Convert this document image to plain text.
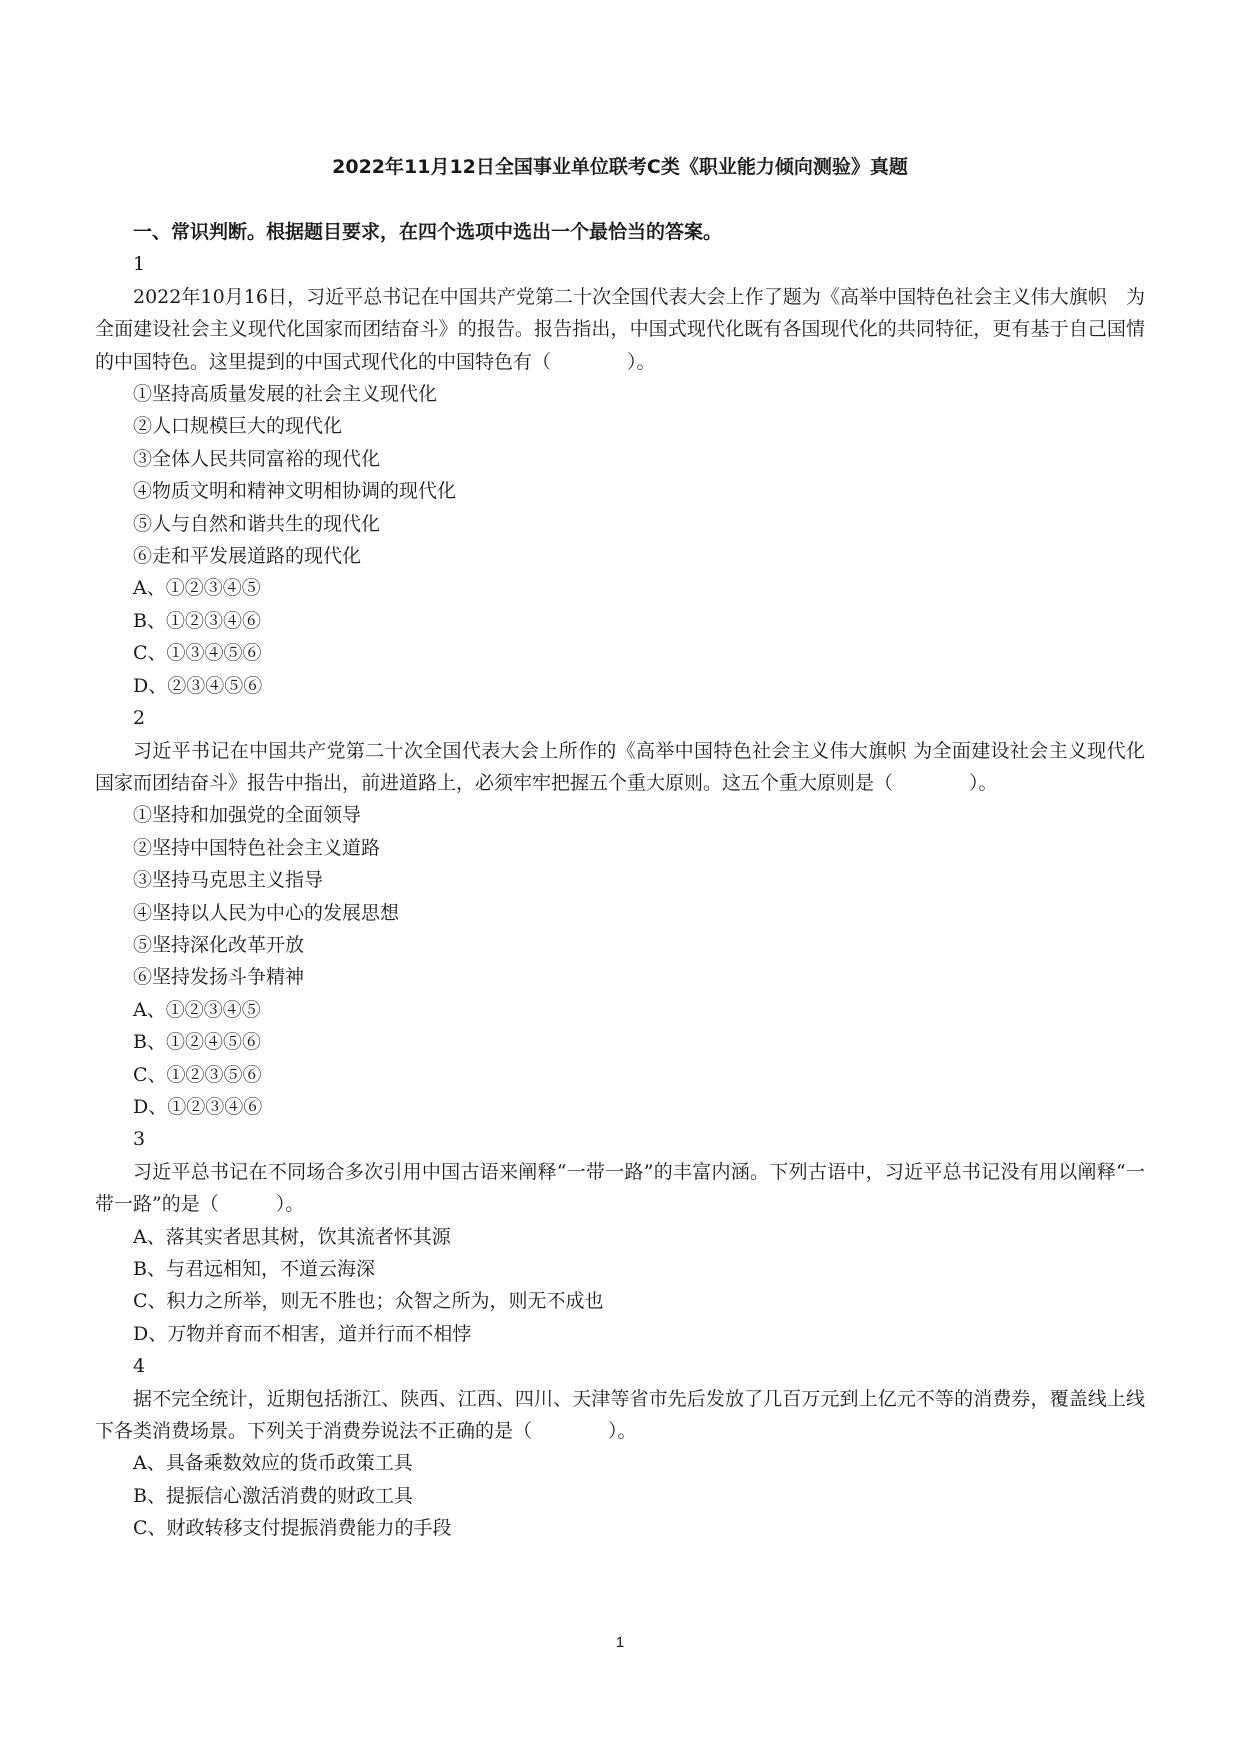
2022年11月12日全国事业单位联考C类《职业能力倾向测验》真题

一、常识判断。根据题目要求，在四个选项中选出一个最恰当的答案。

1

2022年10月16日，习近平总书记在中国共产党第二十次全国代表大会上作了题为《高举中国特色社会主义伟大旗帜　为全面建设社会主义现代化国家而团结奋斗》的报告。报告指出，中国式现代化既有各国现代化的共同特征，更有基于自己国情的中国特色。这里提到的中国式现代化的中国特色有（　　　　）。

①坚持高质量发展的社会主义现代化

②人口规模巨大的现代化

③全体人民共同富裕的现代化

④物质文明和精神文明相协调的现代化

⑤人与自然和谐共生的现代化

⑥走和平发展道路的现代化

A、①②③④⑤

B、①②③④⑥

C、①③④⑤⑥

D、②③④⑤⑥

2

习近平书记在中国共产党第二十次全国代表大会上所作的《高举中国特色社会主义伟大旗帜 为全面建设社会主义现代化国家而团结奋斗》报告中指出，前进道路上，必须牢牢把握五个重大原则。这五个重大原则是（　　　　）。

①坚持和加强党的全面领导

②坚持中国特色社会主义道路

③坚持马克思主义指导

④坚持以人民为中心的发展思想

⑤坚持深化改革开放

⑥坚持发扬斗争精神

A、①②③④⑤

B、①②④⑤⑥

C、①②③⑤⑥

D、①②③④⑥

3

习近平总书记在不同场合多次引用中国古语来阐释“一带一路”的丰富内涵。下列古语中，习近平总书记没有用以阐释“一带一路”的是（　　　）。

A、落其实者思其树，饮其流者怀其源

B、与君远相知，不道云海深

C、积力之所举，则无不胜也；众智之所为，则无不成也

D、万物并育而不相害，道并行而不相悖

4

据不完全统计，近期包括浙江、陕西、江西、四川、天津等省市先后发放了几百万元到上亿元不等的消费券，覆盖线上线下各类消费场景。下列关于消费券说法不正确的是（　　　　）。

A、具备乘数效应的货币政策工具

B、提振信心激活消费的财政工具

C、财政转移支付提振消费能力的手段

1
